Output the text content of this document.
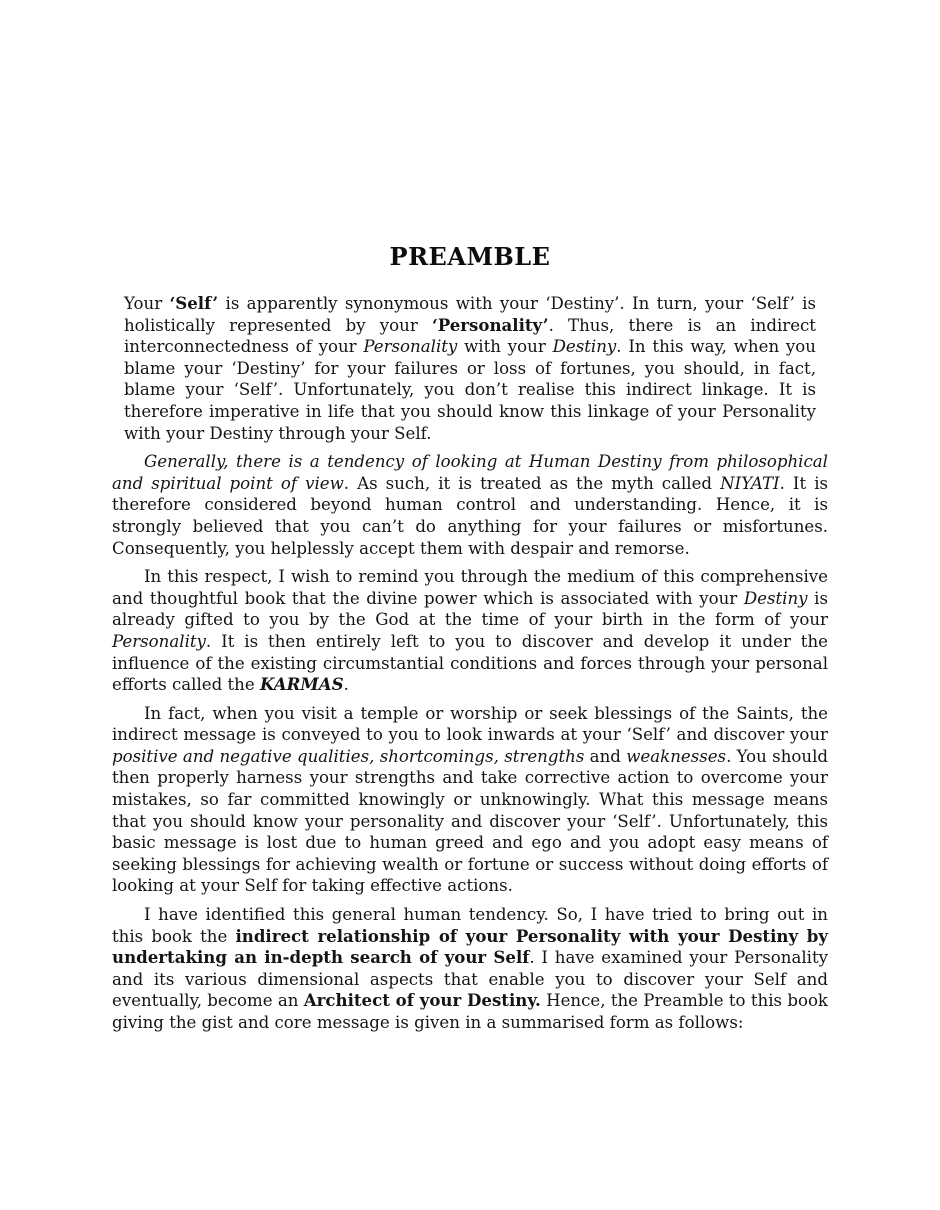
PREAMBLE

Your ‘Self’ is apparently synonymous with your ‘Destiny’. In turn, your ‘Self’ is holistically represented by your ‘Personality’. Thus, there is an indirect interconnectedness of your Personality with your Destiny. In this way, when you blame your ‘Destiny’ for your failures or loss of fortunes, you should, in fact, blame your ‘Self’. Unfortunately, you don’t realise this indirect linkage. It is therefore imperative in life that you should know this linkage of your Personality with your Destiny through your Self.

Generally, there is a tendency of looking at Human Destiny from philosophical and spiritual point of view. As such, it is treated as the myth called NIYATI. It is therefore considered beyond human control and understanding. Hence, it is strongly believed that you can’t do anything for your failures or misfortunes. Consequently, you helplessly accept them with despair and remorse.

In this respect, I wish to remind you through the medium of this comprehensive and thoughtful book that the divine power which is associated with your Destiny is already gifted to you by the God at the time of your birth in the form of your Personality. It is then entirely left to you to discover and develop it under the influence of the existing circumstantial conditions and forces through your personal efforts called the KARMAS.

In fact, when you visit a temple or worship or seek blessings of the Saints, the indirect message is conveyed to you to look inwards at your ‘Self’ and discover your positive and negative qualities, shortcomings, strengths and weaknesses. You should then properly harness your strengths and take corrective action to overcome your mistakes, so far committed knowingly or unknowingly. What this message means that you should know your personality and discover your ‘Self’. Unfortunately, this basic message is lost due to human greed and ego and you adopt easy means of seeking blessings for achieving wealth or fortune or success without doing efforts of looking at your Self for taking effective actions.

I have identified this general human tendency. So, I have tried to bring out in this book the indirect relationship of your Personality with your Destiny by undertaking an in-depth search of your Self. I have examined your Personality and its various dimensional aspects that enable you to discover your Self and eventually, become an Architect of your Destiny. Hence, the Preamble to this book giving the gist and core message is given in a summarised form as follows:
